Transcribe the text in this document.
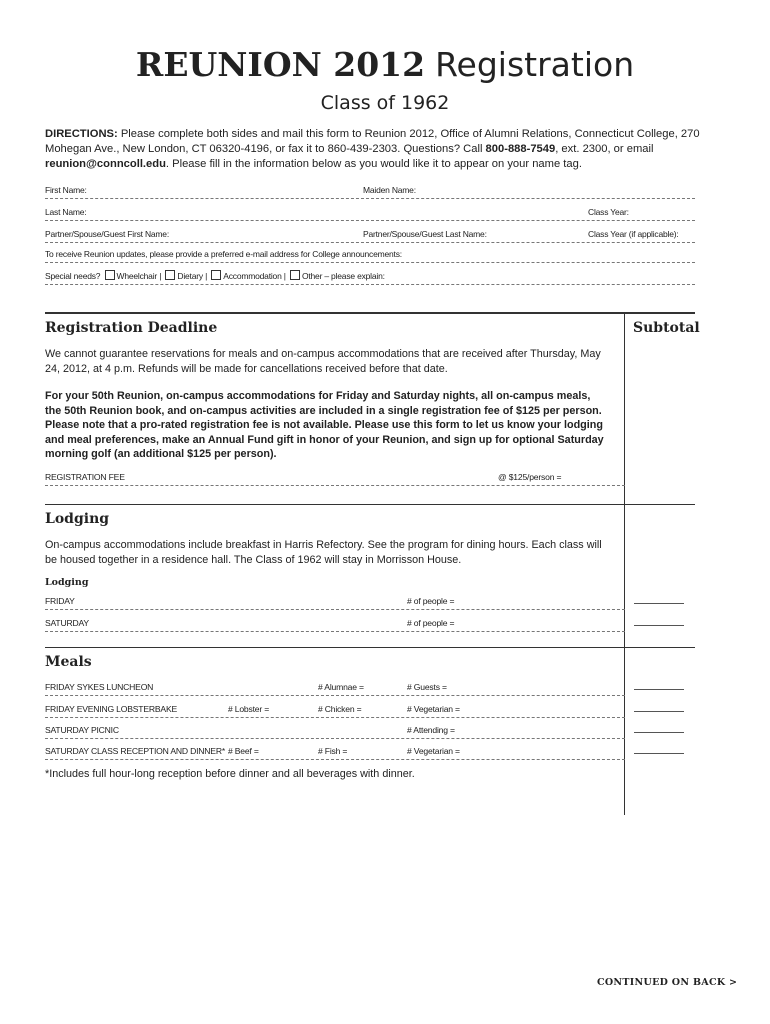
REUNION 2012 Registration
Class of 1962
DIRECTIONS: Please complete both sides and mail this form to Reunion 2012, Office of Alumni Relations, Connecticut College, 270 Mohegan Ave., New London, CT 06320-4196, or fax it to 860-439-2303. Questions? Call 800-888-7549, ext. 2300, or email reunion@conncoll.edu. Please fill in the information below as you would like it to appear on your name tag.
First Name:	Maiden Name:
Last Name:	Class Year:
Partner/Spouse/Guest First Name:	Partner/Spouse/Guest Last Name:	Class Year (if applicable):
To receive Reunion updates, please provide a preferred e-mail address for College announcements:
Special needs? Wheelchair | Dietary | Accommodation | Other – please explain:
Registration Deadline	Subtotal
We cannot guarantee reservations for meals and on-campus accommodations that are received after Thursday, May 24, 2012, at 4 p.m. Refunds will be made for cancellations received before that date.
For your 50th Reunion, on-campus accommodations for Friday and Saturday nights, all on-campus meals, the 50th Reunion book, and on-campus activities are included in a single registration fee of $125 per person. Please note that a pro-rated registration fee is not available. Please use this form to let us know your lodging and meal preferences, make an Annual Fund gift in honor of your Reunion, and sign up for optional Saturday morning golf (an additional $125 per person).
REGISTRATION FEE	@ $125/person =
Lodging
On-campus accommodations include breakfast in Harris Refectory. See the program for dining hours. Each class will be housed together in a residence hall. The Class of 1962 will stay in Morrisson House.
Lodging
FRIDAY	# of people =
SATURDAY	# of people =
Meals
FRIDAY SYKES LUNCHEON	# Alumnae =	# Guests =
FRIDAY EVENING LOBSTERBAKE	# Lobster =	# Chicken =	# Vegetarian =
SATURDAY PICNIC	# Attending =
SATURDAY CLASS RECEPTION AND DINNER* # Beef =	# Fish =	# Vegetarian =
*Includes full hour-long reception before dinner and all beverages with dinner.
CONTINUED ON BACK >
